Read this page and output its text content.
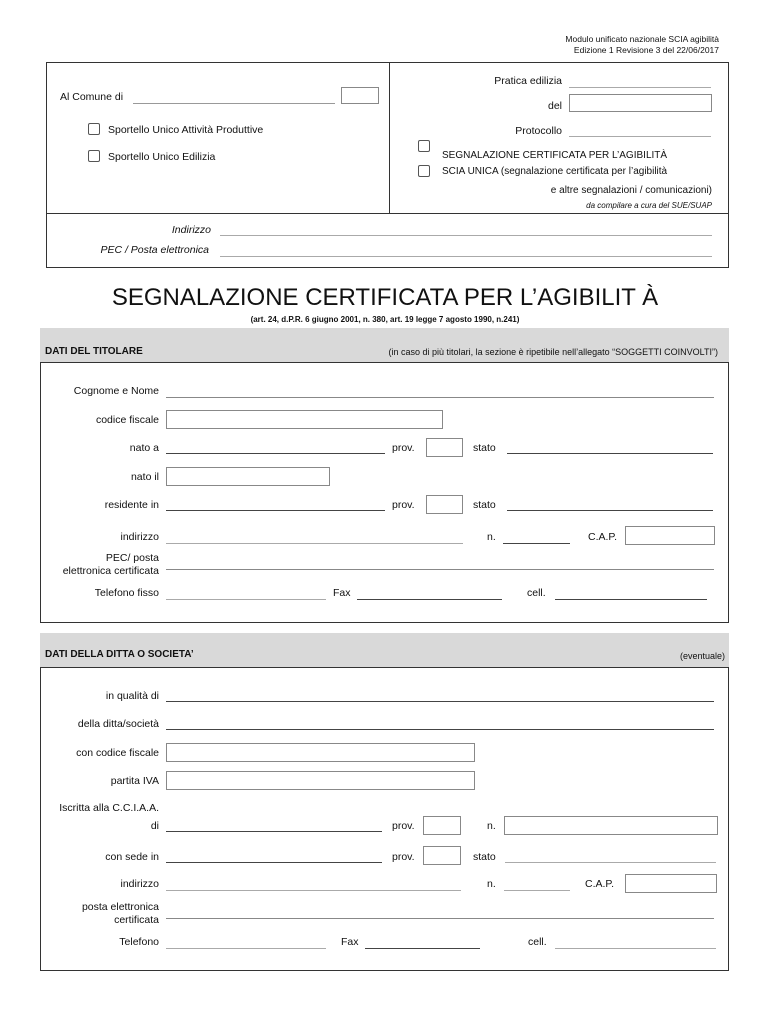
Modulo unificato nazionale SCIA agibilità
Edizione 1 Revisione 3 del 22/06/2017
Al Comune di
Sportello Unico Attività Produttive
Sportello Unico Edilizia
Pratica edilizia
del
Protocollo
SEGNALAZIONE CERTIFICATA PER L’AGIBILITÀ
SCIA UNICA (segnalazione certificata per l’agibilità
e altre segnalazioni / comunicazioni)
da compilare a cura del SUE/SUAP
Indirizzo
PEC / Posta elettronica
SEGNALAZIONE CERTIFICATA PER L’AGIBILIT À
(art. 24, d.P.R. 6 giugno 2001, n. 380, art. 19 legge 7 agosto 1990, n.241)
DATI DEL TITOLARE	(in caso di più titolari, la sezione è ripetibile nell’allegato “SOGGETTI COINVOLTI”)
Cognome e Nome
codice fiscale
nato a	prov.	stato
nato il
residente in	prov.	stato
indirizzo	n.	C.A.P.
PEC/ posta
elettronica certificata
Telefono fisso	Fax	cell.
DATI DELLA DITTA O SOCIETA’	(eventuale)
in qualità di
della ditta/società
con codice fiscale
partita IVA
Iscritta alla C.C.I.A.A.
di	prov.	n.
con sede in	prov.	stato
indirizzo	n.	C.A.P.
posta elettronica
certificata
Telefono	Fax	cell.
